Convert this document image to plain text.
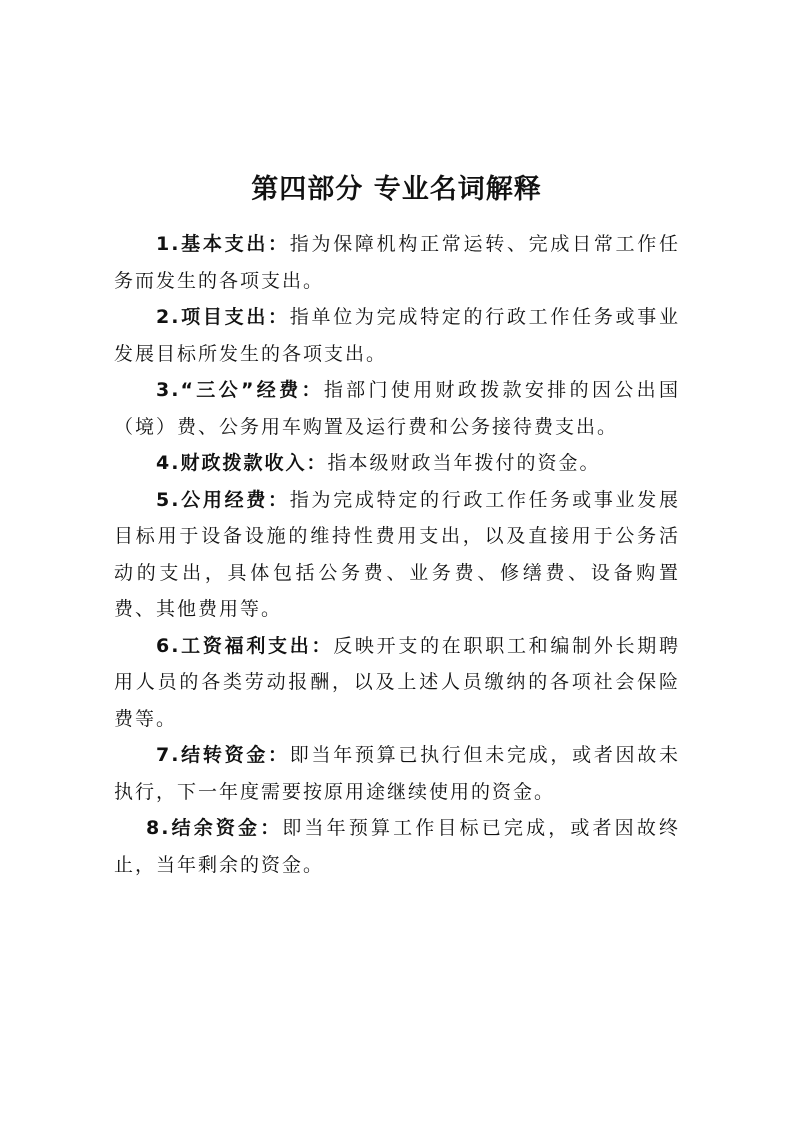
第四部分 专业名词解释

1.基本支出：指为保障机构正常运转、完成日常工作任务而发生的各项支出。

2.项目支出：指单位为完成特定的行政工作任务或事业发展目标所发生的各项支出。

3.“三公”经费：指部门使用财政拨款安排的因公出国（境）费、公务用车购置及运行费和公务接待费支出。

4.财政拨款收入：指本级财政当年拨付的资金。

5.公用经费：指为完成特定的行政工作任务或事业发展目标用于设备设施的维持性费用支出，以及直接用于公务活动的支出，具体包括公务费、业务费、修缮费、设备购置费、其他费用等。

6.工资福利支出：反映开支的在职职工和编制外长期聘用人员的各类劳动报酬，以及上述人员缴纳的各项社会保险费等。

7.结转资金：即当年预算已执行但未完成，或者因故未执行，下一年度需要按原用途继续使用的资金。

8.结余资金：即当年预算工作目标已完成，或者因故终止，当年剩余的资金。
